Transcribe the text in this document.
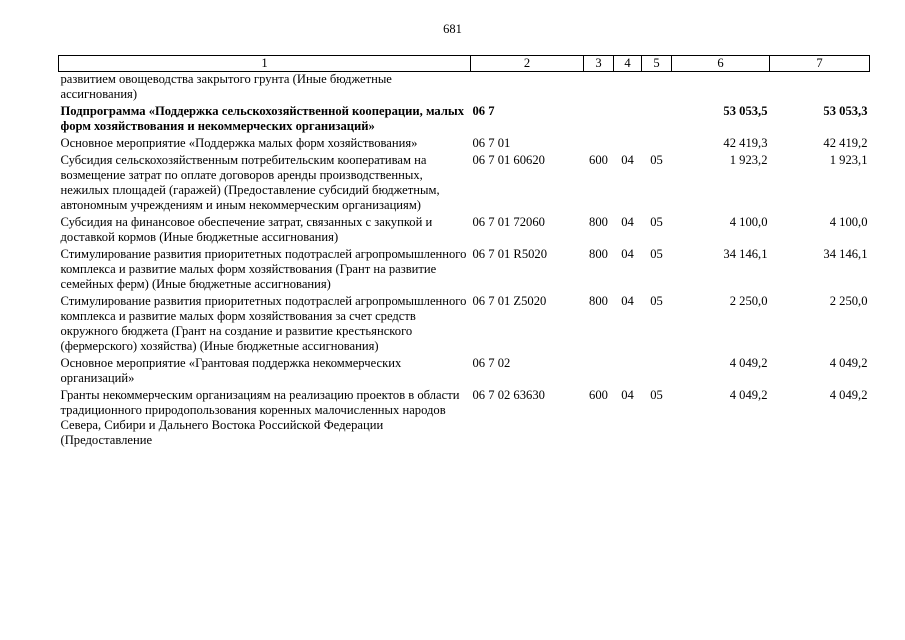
681
1	2	3	4	5	6	7
развитием овощеводства закрытого грунта (Иные бюджетные ассигнования)						
Подпрограмма «Поддержка сельскохозяйственной кооперации, малых форм хозяйствования и некоммерческих организаций»	06 7				53 053,5	53 053,3
Основное мероприятие «Поддержка малых форм хозяйствования»	06 7 01				42 419,3	42 419,2
Субсидия сельскохозяйственным потребительским кооперативам на возмещение затрат по оплате договоров аренды производственных, нежилых площадей (гаражей) (Предоставление субсидий бюджетным, автономным учреждениям и иным некоммерческим организациям)	06 7 01 60620	600	04	05	1 923,2	1 923,1
Субсидия на финансовое обеспечение затрат, связанных с закупкой и доставкой кормов (Иные бюджетные ассигнования)	06 7 01 72060	800	04	05	4 100,0	4 100,0
Стимулирование развития приоритетных подотраслей агропромышленного комплекса и развитие малых форм хозяйствования (Грант на развитие семейных ферм) (Иные бюджетные ассигнования)	06 7 01 R5020	800	04	05	34 146,1	34 146,1
Стимулирование развития приоритетных подотраслей агропромышленного комплекса и развитие малых форм хозяйствования за счет средств окружного бюджета (Грант на создание и развитие крестьянского (фермерского) хозяйства) (Иные бюджетные ассигнования)	06 7 01 Z5020	800	04	05	2 250,0	2 250,0
Основное мероприятие «Грантовая поддержка некоммерческих организаций»	06 7 02				4 049,2	4 049,2
Гранты некоммерческим организациям на реализацию проектов в области традиционного природопользования коренных малочисленных народов Севера, Сибири и Дальнего Востока Российской Федерации (Предоставление	06 7 02 63630	600	04	05	4 049,2	4 049,2
